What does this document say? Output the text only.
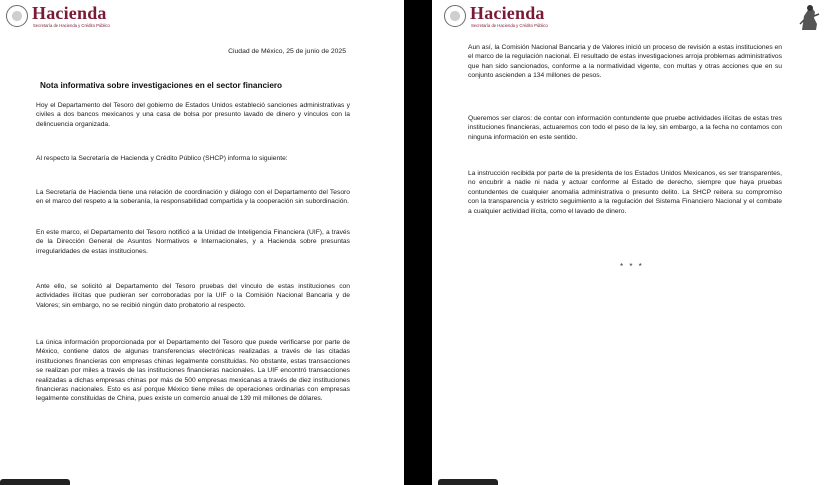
Hacienda
Secretaría de Hacienda y Crédito Público
Ciudad de México, 25 de junio de 2025
Nota informativa sobre investigaciones en el sector financiero

Hoy el Departamento del Tesoro del gobierno de Estados Unidos estableció sanciones administrativas y civiles a dos bancos mexicanos y una casa de bolsa por presunto lavado de dinero y vínculos con la delincuencia organizada.

Al respecto la Secretaría de Hacienda y Crédito Público (SHCP) informa lo siguiente:

La Secretaría de Hacienda tiene una relación de coordinación y diálogo con el Departamento del Tesoro en el marco del respeto a la soberanía, la responsabilidad compartida y la cooperación sin subordinación.

En este marco, el Departamento del Tesoro notificó a la Unidad de Inteligencia Financiera (UIF), a través de la Dirección General de Asuntos Normativos e Internacionales, y a Hacienda sobre presuntas irregularidades de estas instituciones.

Ante ello, se solicitó al Departamento del Tesoro pruebas del vínculo de estas instituciones con actividades ilícitas que pudieran ser corroboradas por la UIF o la Comisión Nacional Bancaria y de Valores; sin embargo, no se recibió ningún dato probatorio al respecto.

La única información proporcionada por el Departamento del Tesoro que puede verificarse por parte de México, contiene datos de algunas transferencias electrónicas realizadas a través de las citadas instituciones financieras con empresas chinas legalmente constituidas. No obstante, estas transacciones se realizan por miles a través de las instituciones financieras nacionales. La UIF encontró transacciones realizadas a dichas empresas chinas por más de 500 empresas mexicanas a través de diez instituciones financieras nacionales. Esto es así porque México tiene miles de operaciones ordinarias con empresas legalmente constituidas de China, pues existe un comercio anual de 139 mil millones de dólares.

Hacienda
Secretaría de Hacienda y Crédito Público

Aun así, la Comisión Nacional Bancaria y de Valores inició un proceso de revisión a estas instituciones en el marco de la regulación nacional. El resultado de estas investigaciones arroja problemas administrativos que han sido sancionados, conforme a la normatividad vigente, con multas y otras acciones que en su conjunto ascienden a 134 millones de pesos.

Queremos ser claros: de contar con información contundente que pruebe actividades ilícitas de estas tres instituciones financieras, actuaremos con todo el peso de la ley, sin embargo, a la fecha no contamos con ninguna información en este sentido.

La instrucción recibida por parte de la presidenta de los Estados Unidos Mexicanos, es ser transparentes, no encubrir a nadie ni nada y actuar conforme al Estado de derecho, siempre que haya pruebas contundentes de cualquier anomalía administrativa o presunto delito. La SHCP reitera su compromiso con la transparencia y estricto seguimiento a la regulación del Sistema Financiero Nacional y el combate a cualquier actividad ilícita, como el lavado de dinero.

* * *
